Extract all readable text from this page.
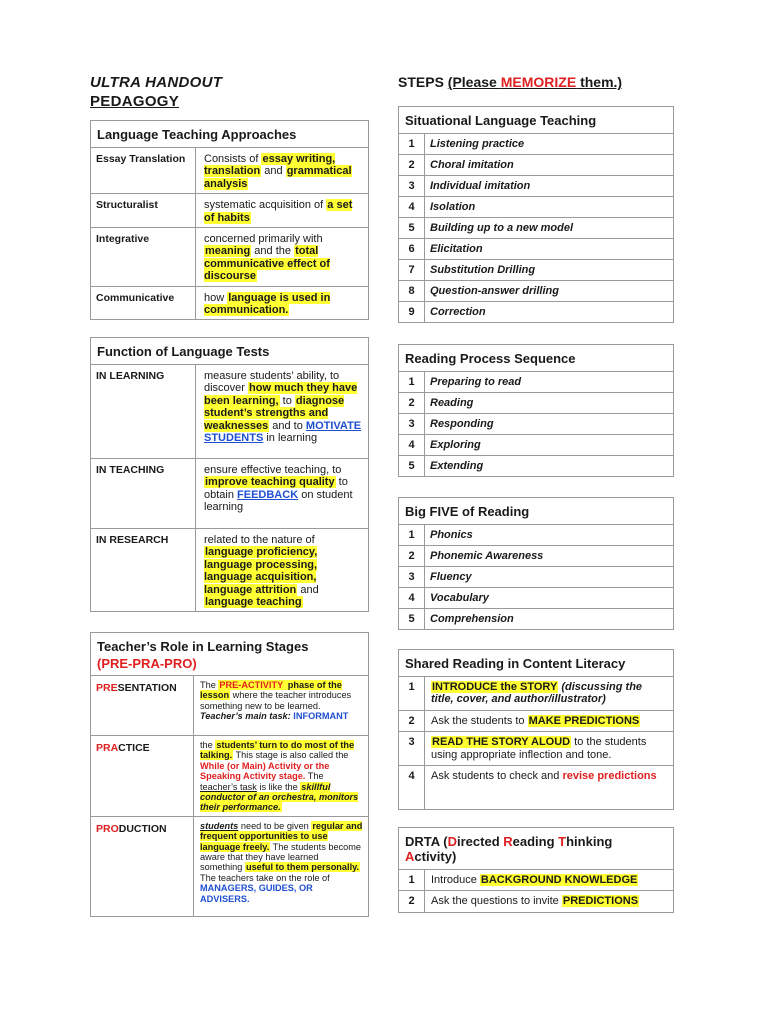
ULTRA HANDOUT
PEDAGOGY
STEPS (Please MEMORIZE them.)
Language Teaching Approaches	
Essay Translation	Consists of essay writing, translation and grammatical analysis
Structuralist	systematic acquisition of a set of habits
Integrative	concerned primarily with meaning and the total communicative effect of discourse
Communicative	how language is used in communication.
Function of Language Tests	
IN LEARNING	measure students’ ability, to discover how much they have been learning, to diagnose student’s strengths and weaknesses and to MOTIVATE STUDENTS in learning
IN TEACHING	ensure effective teaching, to improve teaching quality to obtain FEEDBACK on student learning
IN RESEARCH	related to the nature of language proficiency, language processing, language acquisition, language attrition and language teaching
Teacher’s Role in Learning Stages
(PRE-PRA-PRO)	

PRESENTATION	The PRE-ACTIVITY phase of the lesson where the teacher introduces something new to be learned.
Teacher’s main task: INFORMANT
PRACTICE	the students’ turn to do most of the talking. This stage is also called the While (or Main) Activity or the Speaking Activity stage. The teacher’s task is like the skillful conductor of an orchestra, monitors their performance.
PRODUCTION	students need to be given regular and frequent opportunities to use language freely. The students become aware that they have learned something useful to them personally. The teachers take on the role of MANAGERS, GUIDES, OR ADVISERS.
Situational Language Teaching	
1	Listening practice
2	Choral imitation
3	Individual imitation
4	Isolation
5	Building up to a new model
6	Elicitation
7	Substitution Drilling
8	Question-answer drilling
9	Correction
Reading Process Sequence	
1	Preparing to read
2	Reading
3	Responding
4	Exploring
5	Extending
Big FIVE of Reading	
1	Phonics
2	Phonemic Awareness
3	Fluency
4	Vocabulary
5	Comprehension
Shared Reading in Content Literacy	
1	INTRODUCE the STORY (discussing the title, cover, and author/illustrator)
2	Ask the students to MAKE PREDICTIONS
3	READ THE STORY ALOUD to the students using appropriate inflection and tone.
4	Ask students to check and revise predictions
DRTA (Directed Reading Thinking
Activity)	
1	Introduce BACKGROUND KNOWLEDGE
2	Ask the questions to invite PREDICTIONS
